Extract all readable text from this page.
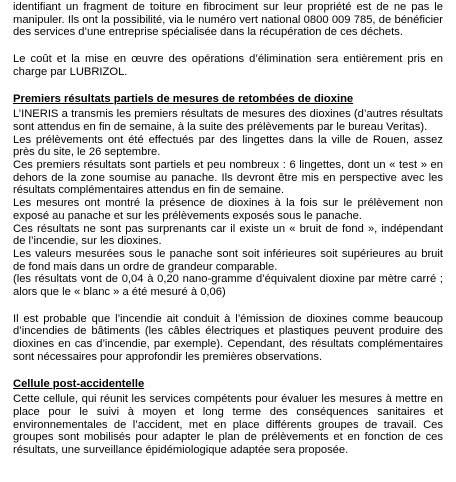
identifiant un fragment de toiture en fibrociment sur leur propriété est de ne pas le manipuler. Ils ont la possibilité, via le numéro vert national 0800 009 785, de bénéficier des services d’une entreprise spécialisée dans la récupération de ces déchets.

Le coût et la mise en œuvre des opérations d’élimination sera entièrement pris en charge par LUBRIZOL.

Premiers résultats partiels de mesures de retombées de dioxine

L’INERIS a transmis les premiers résultats de mesures des dioxines (d’autres résultats sont attendus en fin de semaine, à la suite des prélèvements par le bureau Veritas).

Les prélèvements ont été effectués par des lingettes dans la ville de Rouen, assez près du site, le 26 septembre.

Ces premiers résultats sont partiels et peu nombreux : 6 lingettes, dont un « test » en dehors de la zone soumise au panache. Ils devront être mis en perspective avec les résultats complémentaires attendus en fin de semaine.

Les mesures ont montré la présence de dioxines à la fois sur le prélèvement non exposé au panache et sur les prélèvements exposés sous le panache.

Ces résultats ne sont pas surprenants car il existe un « bruit de fond », indépendant de l’incendie, sur les dioxines.

Les valeurs mesurées sous le panache sont soit inférieures soit supérieures au bruit de fond mais dans un ordre de grandeur comparable.

(les résultats vont de 0,04 à 0,20 nano-gramme d’équivalent dioxine par mètre carré ; alors que le « blanc » a été mesuré à 0,06)

Il est probable que l’incendie ait conduit à l’émission de dioxines comme beaucoup d’incendies de bâtiments (les câbles électriques et plastiques peuvent produire des dioxines en cas d’incendie, par exemple). Cependant, des résultats complémentaires sont nécessaires pour approfondir les premières observations.

Cellule post-accidentelle

Cette cellule, qui réunit les services compétents pour évaluer les mesures à mettre en place pour le suivi à moyen et long terme des conséquences sanitaires et environnementales de l’accident, met en place différents groupes de travail. Ces groupes sont mobilisés pour adapter le plan de prélèvements et en fonction de ces résultats, une surveillance épidémiologique adaptée sera proposée.
